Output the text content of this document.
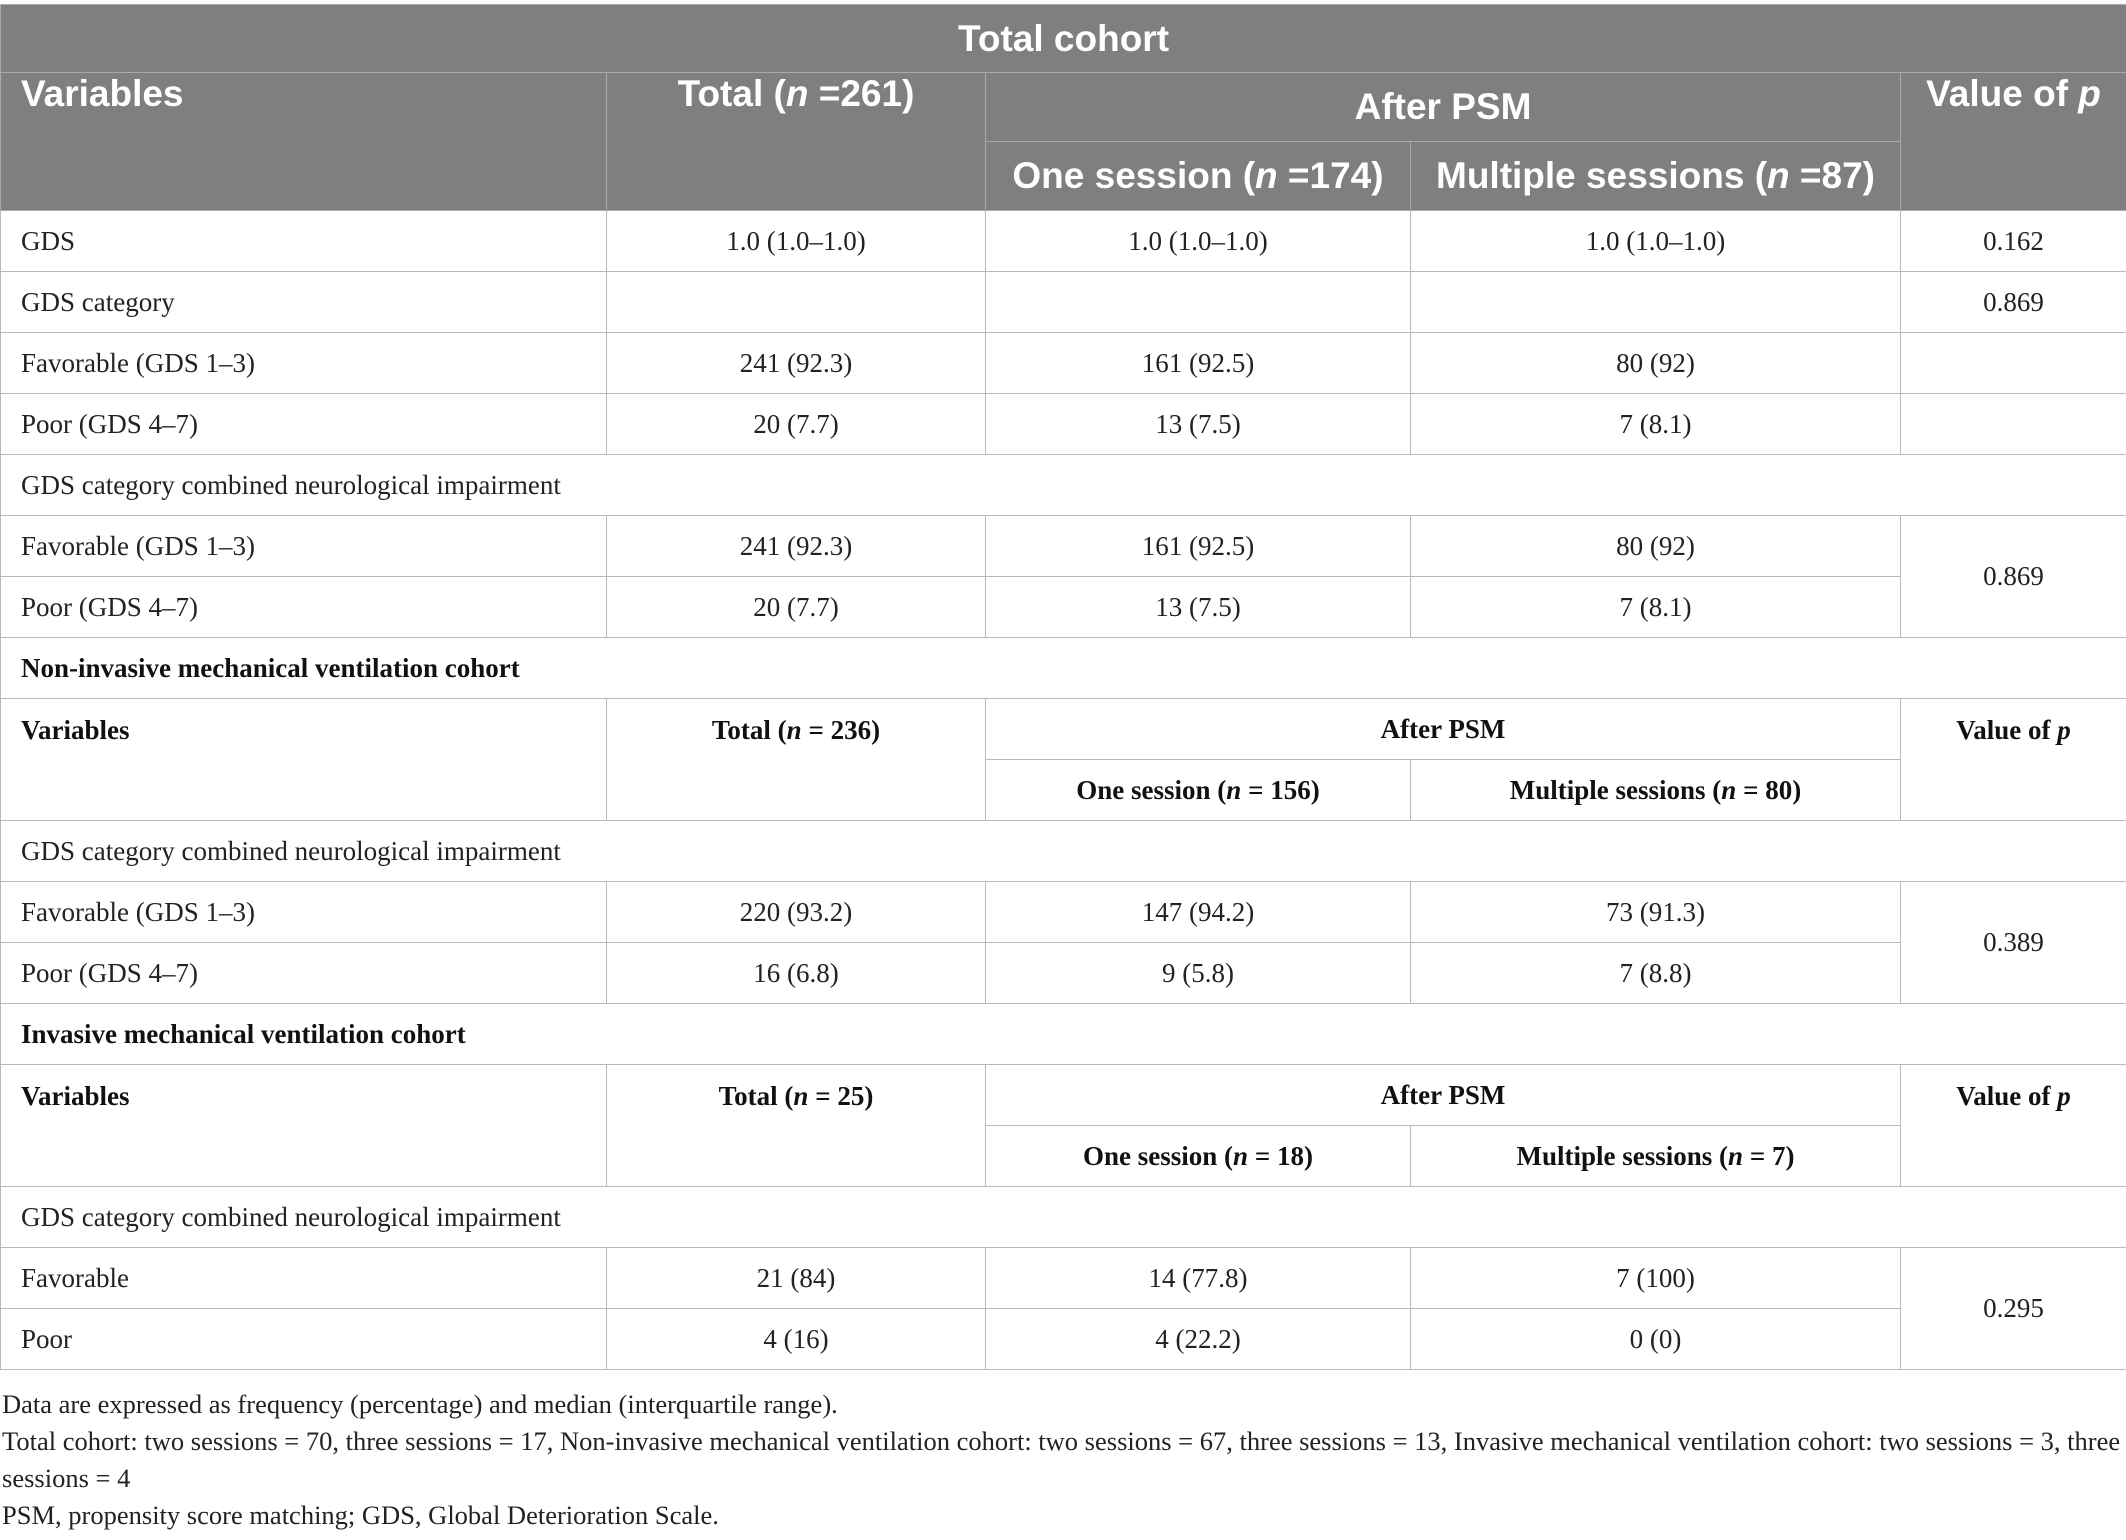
Total cohort				
Variables	Total (n =261)	After PSM		Value of p
		One session (n =174)	Multiple sessions (n =87)	
GDS	1.0 (1.0–1.0)	1.0 (1.0–1.0)	1.0 (1.0–1.0)	0.162
GDS category				0.869
Favorable (GDS 1–3)	241 (92.3)	161 (92.5)	80 (92)	
Poor (GDS 4–7)	20 (7.7)	13 (7.5)	7 (8.1)	
GDS category combined neurological impairment				
Favorable (GDS 1–3)	241 (92.3)	161 (92.5)	80 (92)	0.869
Poor (GDS 4–7)	20 (7.7)	13 (7.5)	7 (8.1)	
Non-invasive mechanical ventilation cohort				
Variables	Total (n = 236)	After PSM		Value of p
		One session (n = 156)	Multiple sessions (n = 80)	
GDS category combined neurological impairment				
Favorable (GDS 1–3)	220 (93.2)	147 (94.2)	73 (91.3)	0.389
Poor (GDS 4–7)	16 (6.8)	9 (5.8)	7 (8.8)	
Invasive mechanical ventilation cohort				
Variables	Total (n = 25)	After PSM		Value of p
		One session (n = 18)	Multiple sessions (n = 7)	
GDS category combined neurological impairment				
Favorable	21 (84)	14 (77.8)	7 (100)	0.295
Poor	4 (16)	4 (22.2)	0 (0)	
Data are expressed as frequency (percentage) and median (interquartile range).
Total cohort: two sessions = 70, three sessions = 17, Non-invasive mechanical ventilation cohort: two sessions = 67, three sessions = 13, Invasive mechanical ventilation cohort: two sessions = 3, three sessions = 4
PSM, propensity score matching; GDS, Global Deterioration Scale.
